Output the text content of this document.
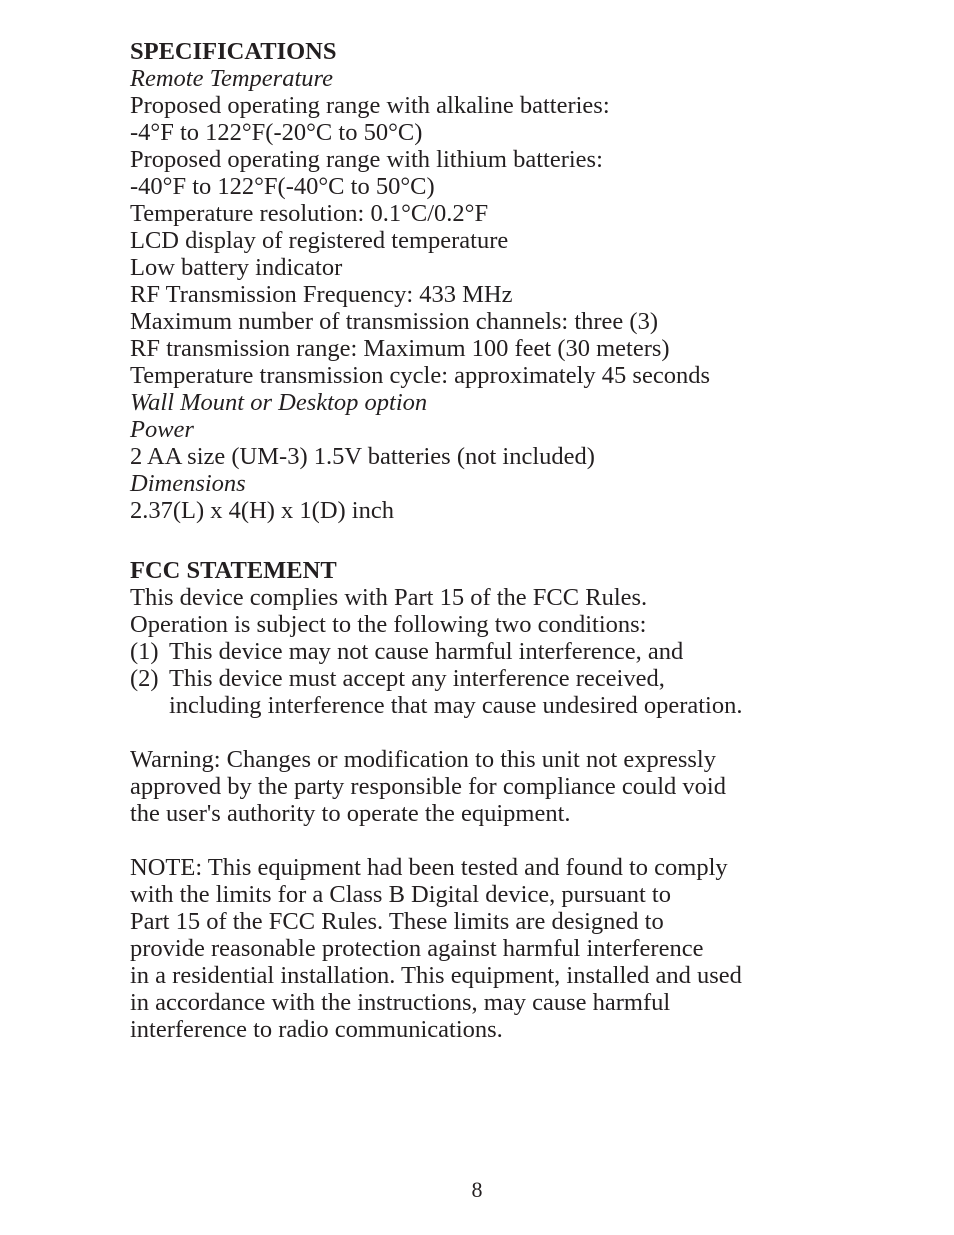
SPECIFICATIONS
Remote Temperature
Proposed operating range with alkaline batteries:
-4°F to 122°F(-20°C to 50°C)
Proposed operating range with lithium batteries:
-40°F to 122°F(-40°C to 50°C)
Temperature resolution: 0.1°C/0.2°F
LCD display of registered temperature
Low battery indicator
RF Transmission Frequency: 433 MHz
Maximum number of transmission channels: three (3)
RF transmission range: Maximum 100 feet (30 meters)
Temperature transmission cycle: approximately 45 seconds
Wall Mount or Desktop option
Power
2 AA size (UM-3) 1.5V batteries (not included)
Dimensions
2.37(L) x 4(H) x 1(D) inch
FCC STATEMENT
This device complies with Part 15 of the FCC Rules.
Operation is subject to the following two conditions:
(1) This device may not cause harmful interference, and
(2) This device must accept any interference received,
including interference that may cause undesired operation.
Warning: Changes or modification to this unit not expressly
approved by the party responsible for compliance could void
the user's authority to operate the equipment.
NOTE: This equipment had been tested and found to comply
with the limits for a Class B Digital device, pursuant to
Part 15 of the FCC Rules. These limits are designed to
provide reasonable protection against harmful interference
in a residential installation. This equipment, installed and used
in accordance with the instructions, may cause harmful
interference to radio communications.
8
